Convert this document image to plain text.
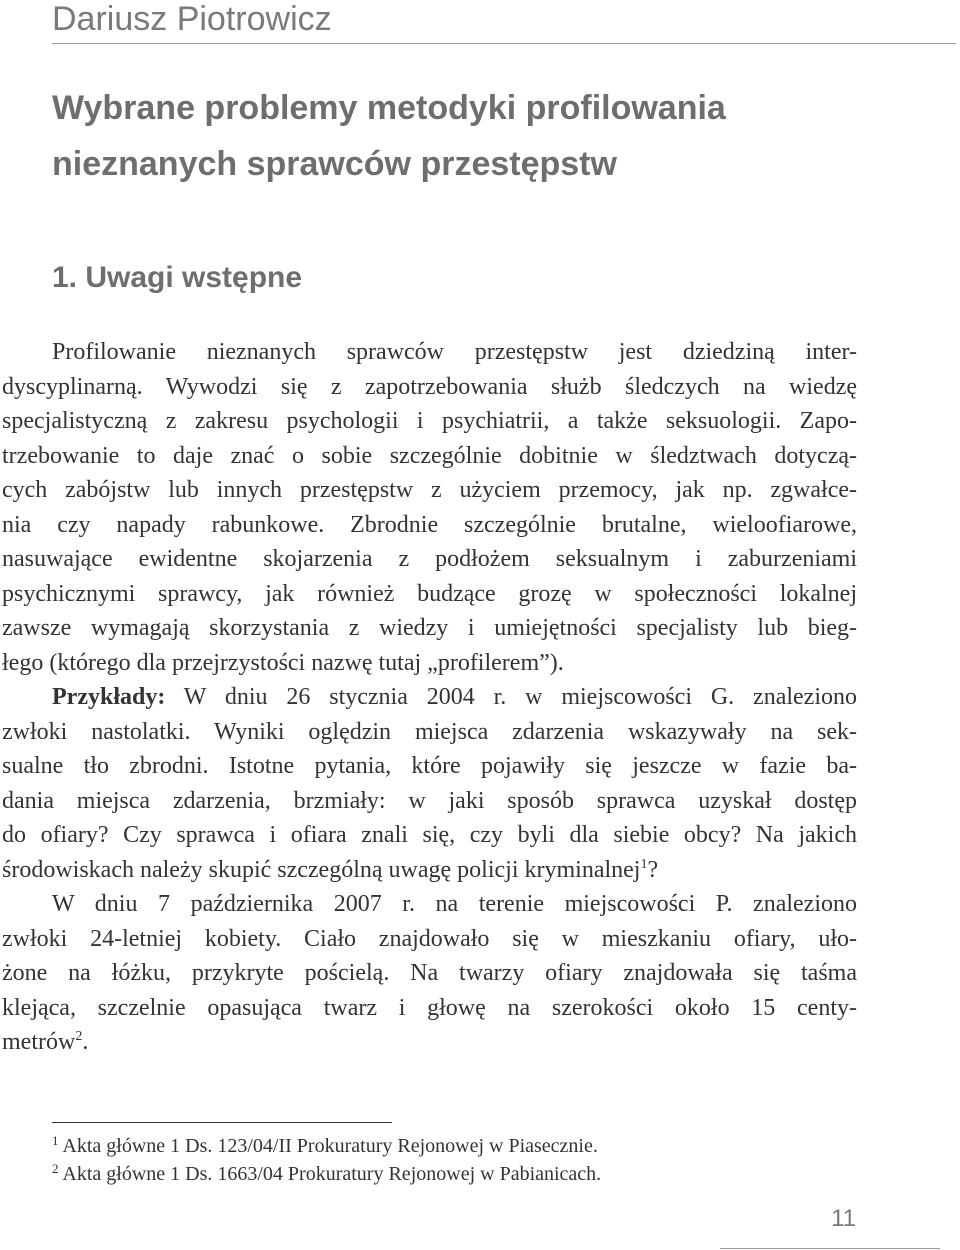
Dariusz Piotrowicz
Wybrane problemy metodyki profilowania
nieznanych sprawców przestępstw
1. Uwagi wstępne
Profilowanie nieznanych sprawców przestępstw jest dziedziną inter-
dyscyplinarną. Wywodzi się z zapotrzebowania służb śledczych na wiedzę
specjalistyczną z zakresu psychologii i psychiatrii, a także seksuologii. Zapo-
trzebowanie to daje znać o sobie szczególnie dobitnie w śledztwach dotyczą-
cych zabójstw lub innych przestępstw z użyciem przemocy, jak np. zgwałce-
nia czy napady rabunkowe. Zbrodnie szczególnie brutalne, wieloofiarowe,
nasuwające ewidentne skojarzenia z podłożem seksualnym i zaburzeniami
psychicznymi sprawcy, jak również budzące grozę w społeczności lokalnej
zawsze wymagają skorzystania z wiedzy i umiejętności specjalisty lub bieg-
łego (którego dla przejrzystości nazwę tutaj „profilerem”).
Przykłady: W dniu 26 stycznia 2004 r. w miejscowości G. znaleziono
zwłoki nastolatki. Wyniki oględzin miejsca zdarzenia wskazywały na sek-
sualne tło zbrodni. Istotne pytania, które pojawiły się jeszcze w fazie ba-
dania miejsca zdarzenia, brzmiały: w jaki sposób sprawca uzyskał dostęp
do ofiary? Czy sprawca i ofiara znali się, czy byli dla siebie obcy? Na jakich
środowiskach należy skupić szczególną uwagę policji kryminalnej$^1$?
W dniu 7 października 2007 r. na terenie miejscowości P. znaleziono
zwłoki 24-letniej kobiety. Ciało znajdowało się w mieszkaniu ofiary, uło-
żone na łóżku, przykryte pościelą. Na twarzy ofiary znajdowała się taśma
klejąca, szczelnie opasująca twarz i głowę na szerokości około 15 centy-
metrów$^2$.
$^1$ Akta główne 1 Ds. 123/04/II Prokuratury Rejonowej w Piasecznie.
$^2$ Akta główne 1 Ds. 1663/04 Prokuratury Rejonowej w Pabianicach.
11
